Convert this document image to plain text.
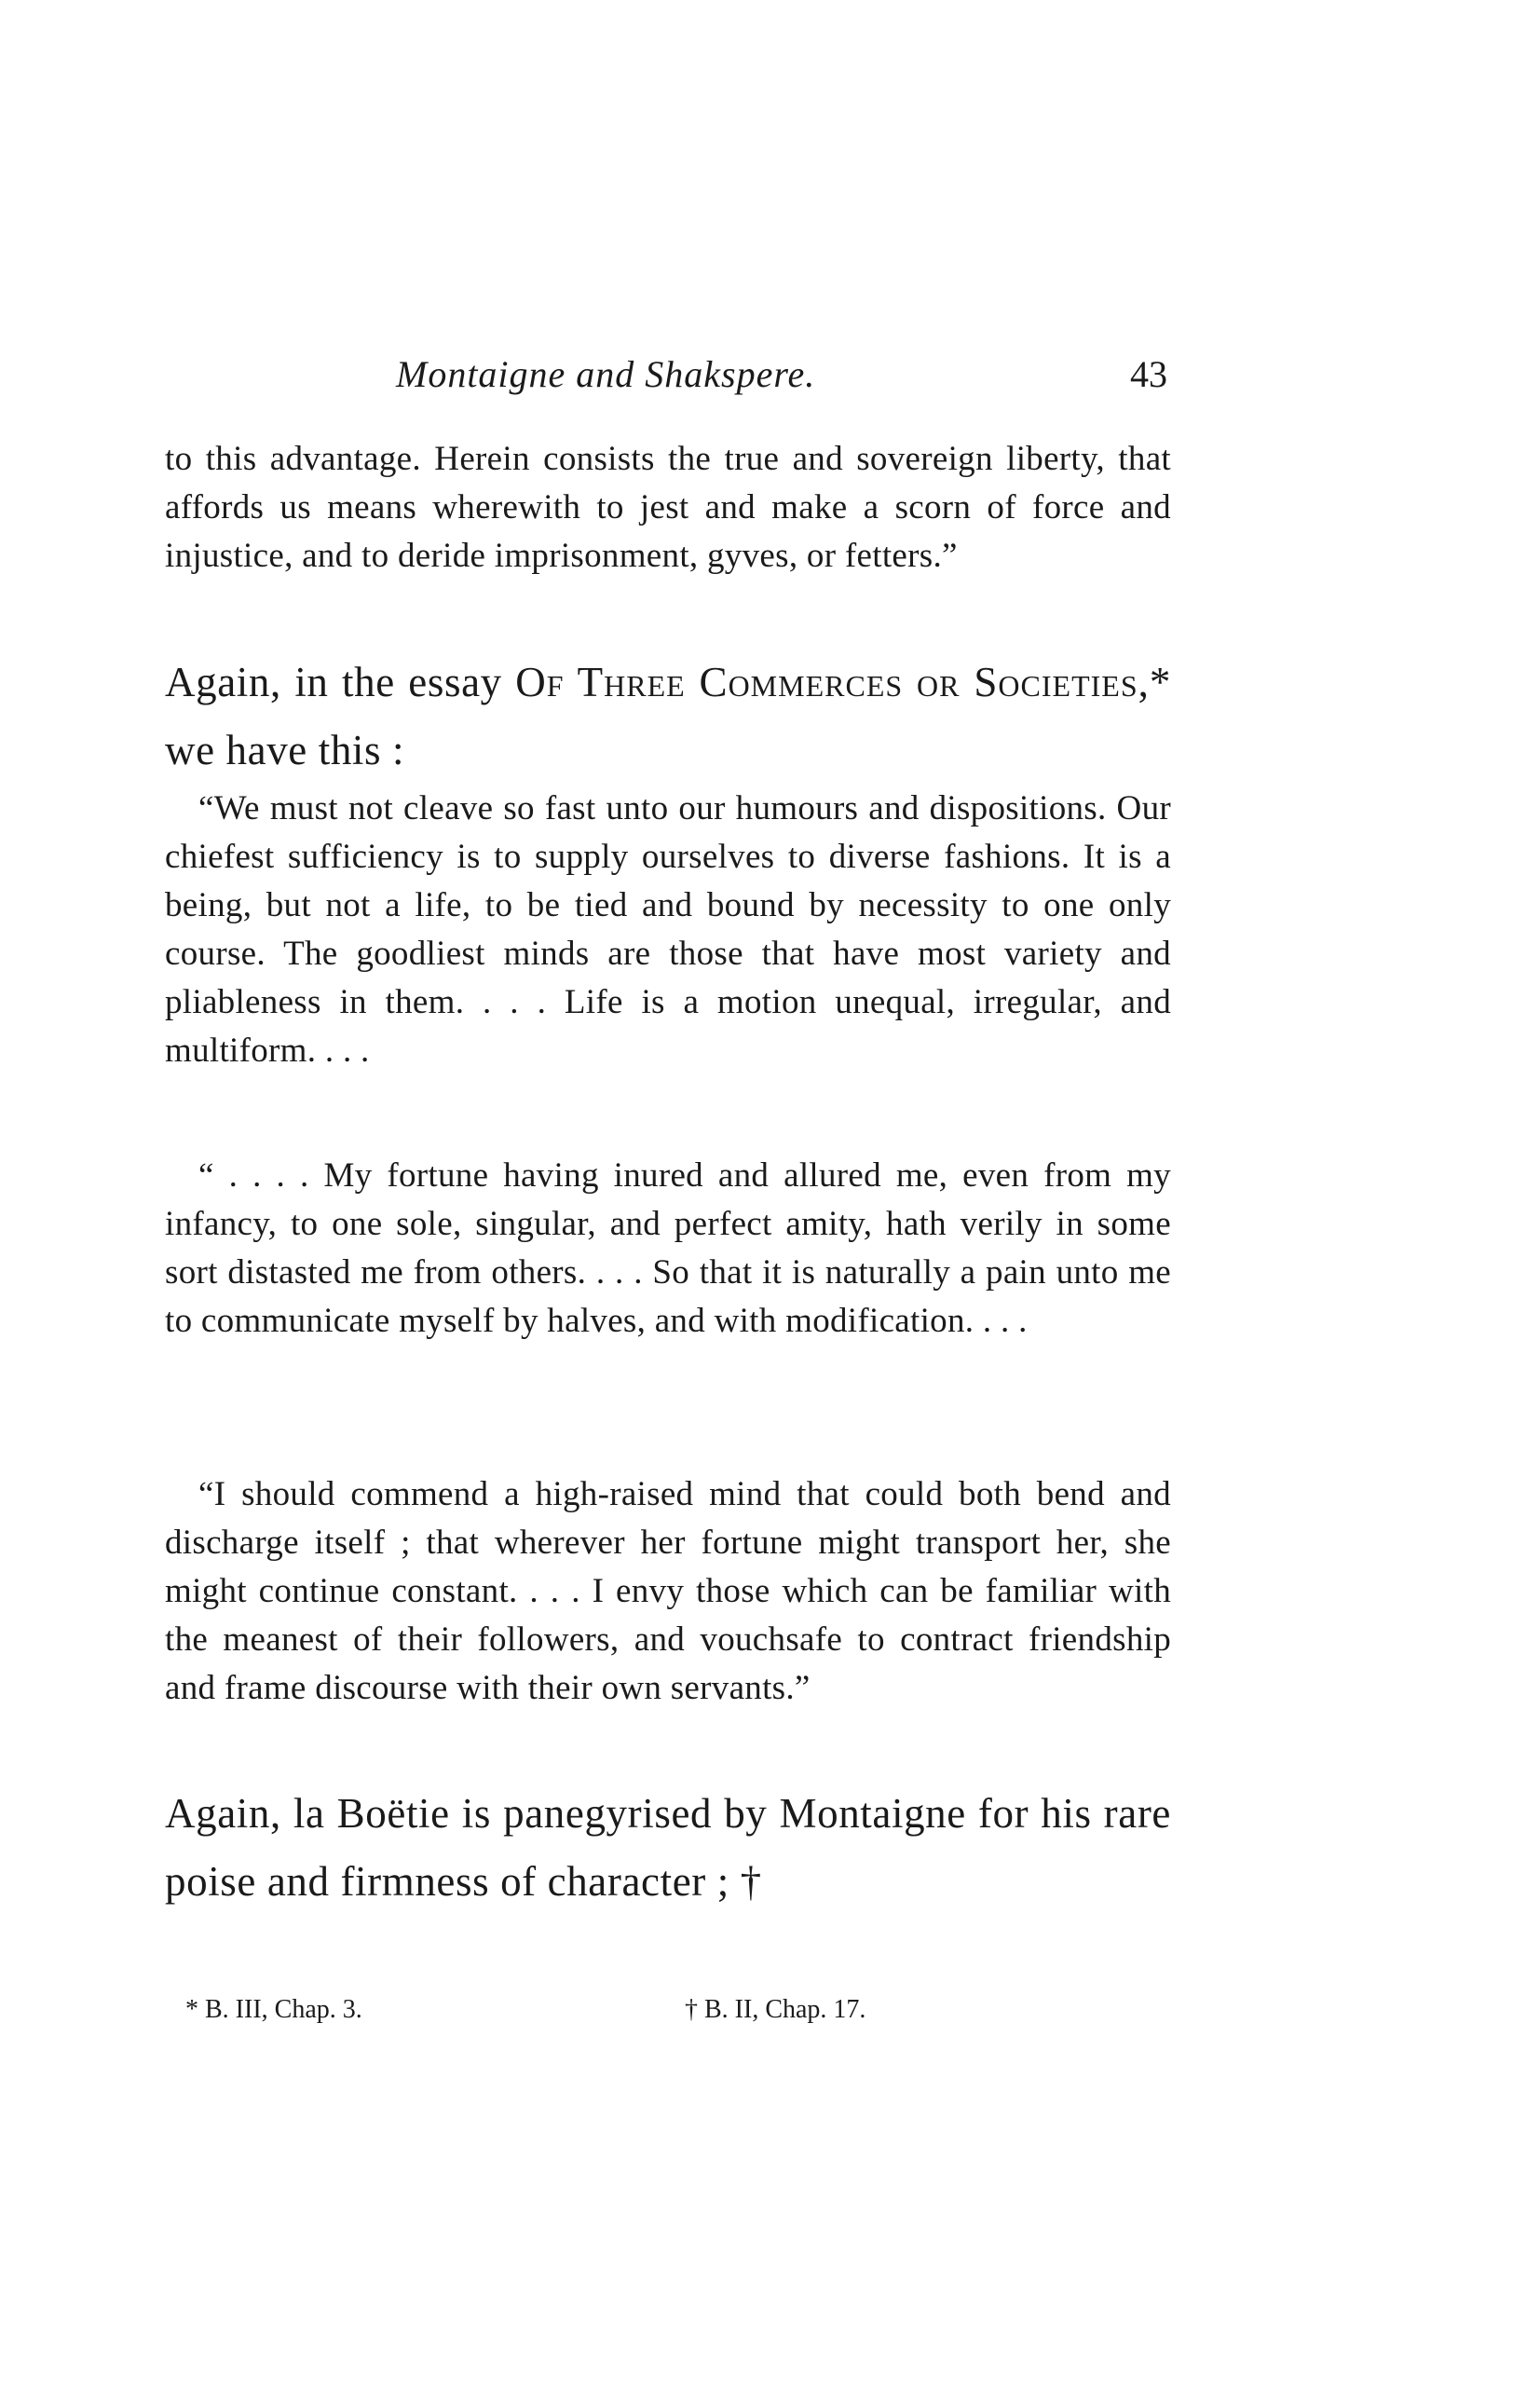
Montaigne and Shakspere.	43

to this advantage. Herein consists the true and sovereign liberty, that affords us means wherewith to jest and make a scorn of force and injustice, and to deride imprisonment, gyves, or fetters.”

Again, in the essay Of Three Commerces or Societies,* we have this :

“We must not cleave so fast unto our humours and dispositions. Our chiefest sufficiency is to supply ourselves to diverse fashions. It is a being, but not a life, to be tied and bound by necessity to one only course. The goodliest minds are those that have most variety and pliableness in them. . . . Life is a motion unequal, irregular, and multiform. . . .

“ . . . . My fortune having inured and allured me, even from my infancy, to one sole, singular, and perfect amity, hath verily in some sort distasted me from others. . . . So that it is naturally a pain unto me to communicate myself by halves, and with modification. . . .

“I should commend a high-raised mind that could both bend and discharge itself ; that wherever her fortune might transport her, she might continue constant. . . . I envy those which can be familiar with the meanest of their followers, and vouchsafe to contract friendship and frame discourse with their own servants.”

Again, la Boëtie is panegyrised by Montaigne for his rare poise and firmness of character ; †

* B. III, Chap. 3.	† B. II, Chap. 17.
